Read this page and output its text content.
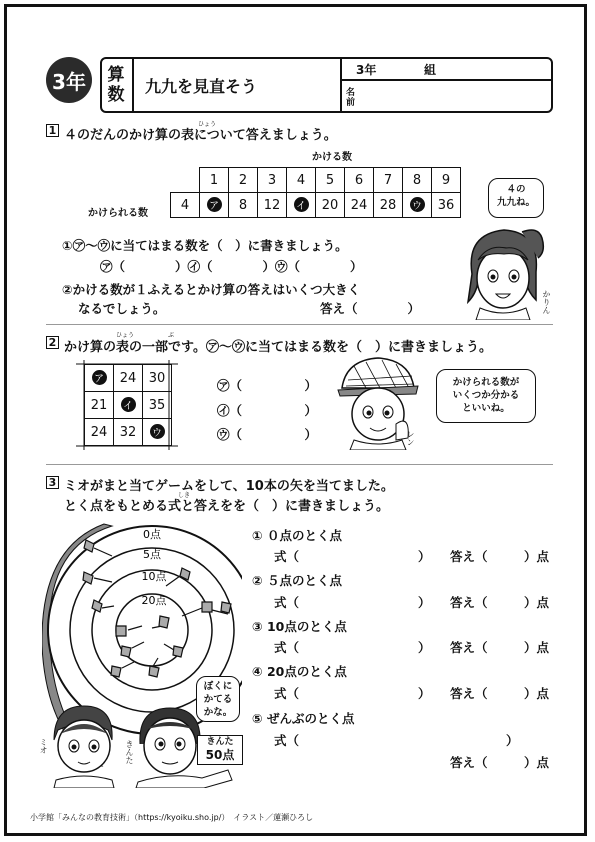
3年	算
数 九九を見直そう
3年	組
名
前
1	ひょう
４のだんのかけ算の表について答えましょう。
かける数
	1	2	3	4	5	6	7	8	9
4	ア	8	12	イ	20	24	28	ウ	36
かけられる数
①㋐～㋒に当てはまる数を（　）に書きましょう。
㋐（　　　　）㋑（　　　　）㋒（　　　　）
②かける数が１ふえるとかけ算の答えはいくつ大きく
なるでしょう。	答え（　　　　）
４の
九九ね。
かりん
2
ひょう	ぶ
かけ算の表の一部です。㋐～㋒に当てはまる数を（　）に書きましょう。
ア	24	30
21	イ	35
24	32	ウ
㋐（　　　　　）
㋑（　　　　　）
㋒（　　　　　）	レン
かけられる数が
いくつか分かる
といいね。
3 ミオがまと当てゲームをして、10本の矢を当てました。
しき
とく点をもとめる式と答えをを（　）に書きましょう。
0点
5点
10点
20点
ミオ	きんた
ぼくに
かてる
かな。
きんた
50点
① ０点のとく点
式（	） 答え（	）点
② ５点のとく点
式（	） 答え（	）点
③ 10点のとく点
式（	） 答え（	）点
④ 20点のとく点
式（	） 答え（	）点
⑤ ぜんぶのとく点
式（	）
答え（	）点
小学館「みんなの教育技術」（https://kyoiku.sho.jp/）　イラスト／蓮瀬ひろし
